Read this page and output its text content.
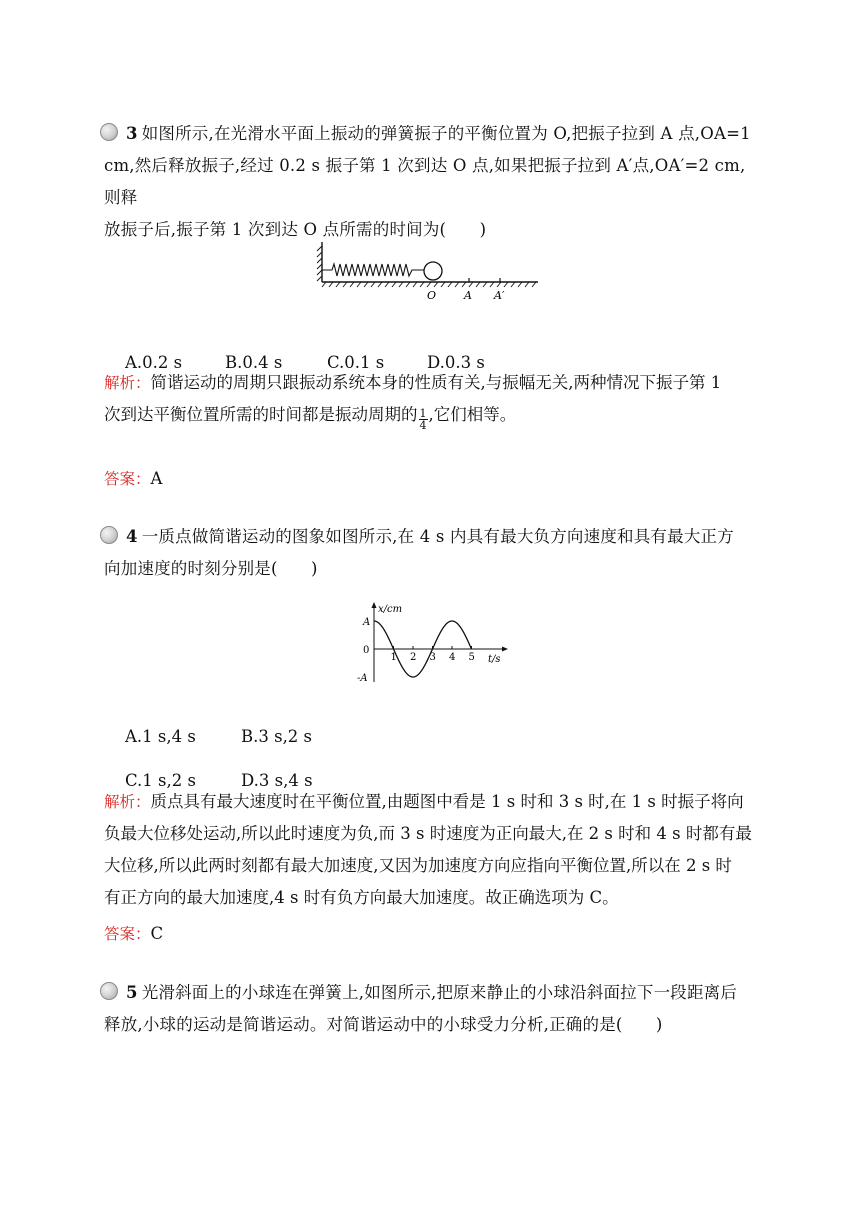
3 如图所示,在光滑水平面上振动的弹簧振子的平衡位置为 O,把振子拉到 A 点,OA=1
cm,然后释放振子,经过 0.2 s 振子第 1 次到达 O 点,如果把振子拉到 A′点,OA′=2 cm,则释
放振子后,振子第 1 次到达 O 点所需的时间为(　　)
O	A A′

A.0.2 s	B.0.4 s	C.0.1 s	D.0.3 s

解析：简谐运动的周期只跟振动系统本身的性质有关,与振幅无关,两种情况下振子第 1
次到达平衡位置所需的时间都是振动周期的 $\frac{1}{4}$ ,它们相等。
答案：A
4 一质点做简谐运动的图象如图所示,在 4 s 内具有最大负方向速度和具有最大正方
向加速度的时刻分别是(　　)
x/cm
t/s
1 2 3 4 5
A
0
-A

A.1 s,4 s	B.3 s,2 s

C.1 s,2 s	D.3 s,4 s

解析：质点具有最大速度时在平衡位置,由题图中看是 1 s 时和 3 s 时,在 1 s 时振子将向
负最大位移处运动,所以此时速度为负,而 3 s 时速度为正向最大,在 2 s 时和 4 s 时都有最
大位移,所以此两时刻都有最大加速度,又因为加速度方向应指向平衡位置,所以在 2 s 时
有正方向的最大加速度,4 s 时有负方向最大加速度。故正确选项为 C。
答案：C
5 光滑斜面上的小球连在弹簧上,如图所示,把原来静止的小球沿斜面拉下一段距离后
释放,小球的运动是简谐运动。对简谐运动中的小球受力分析,正确的是(　　)
